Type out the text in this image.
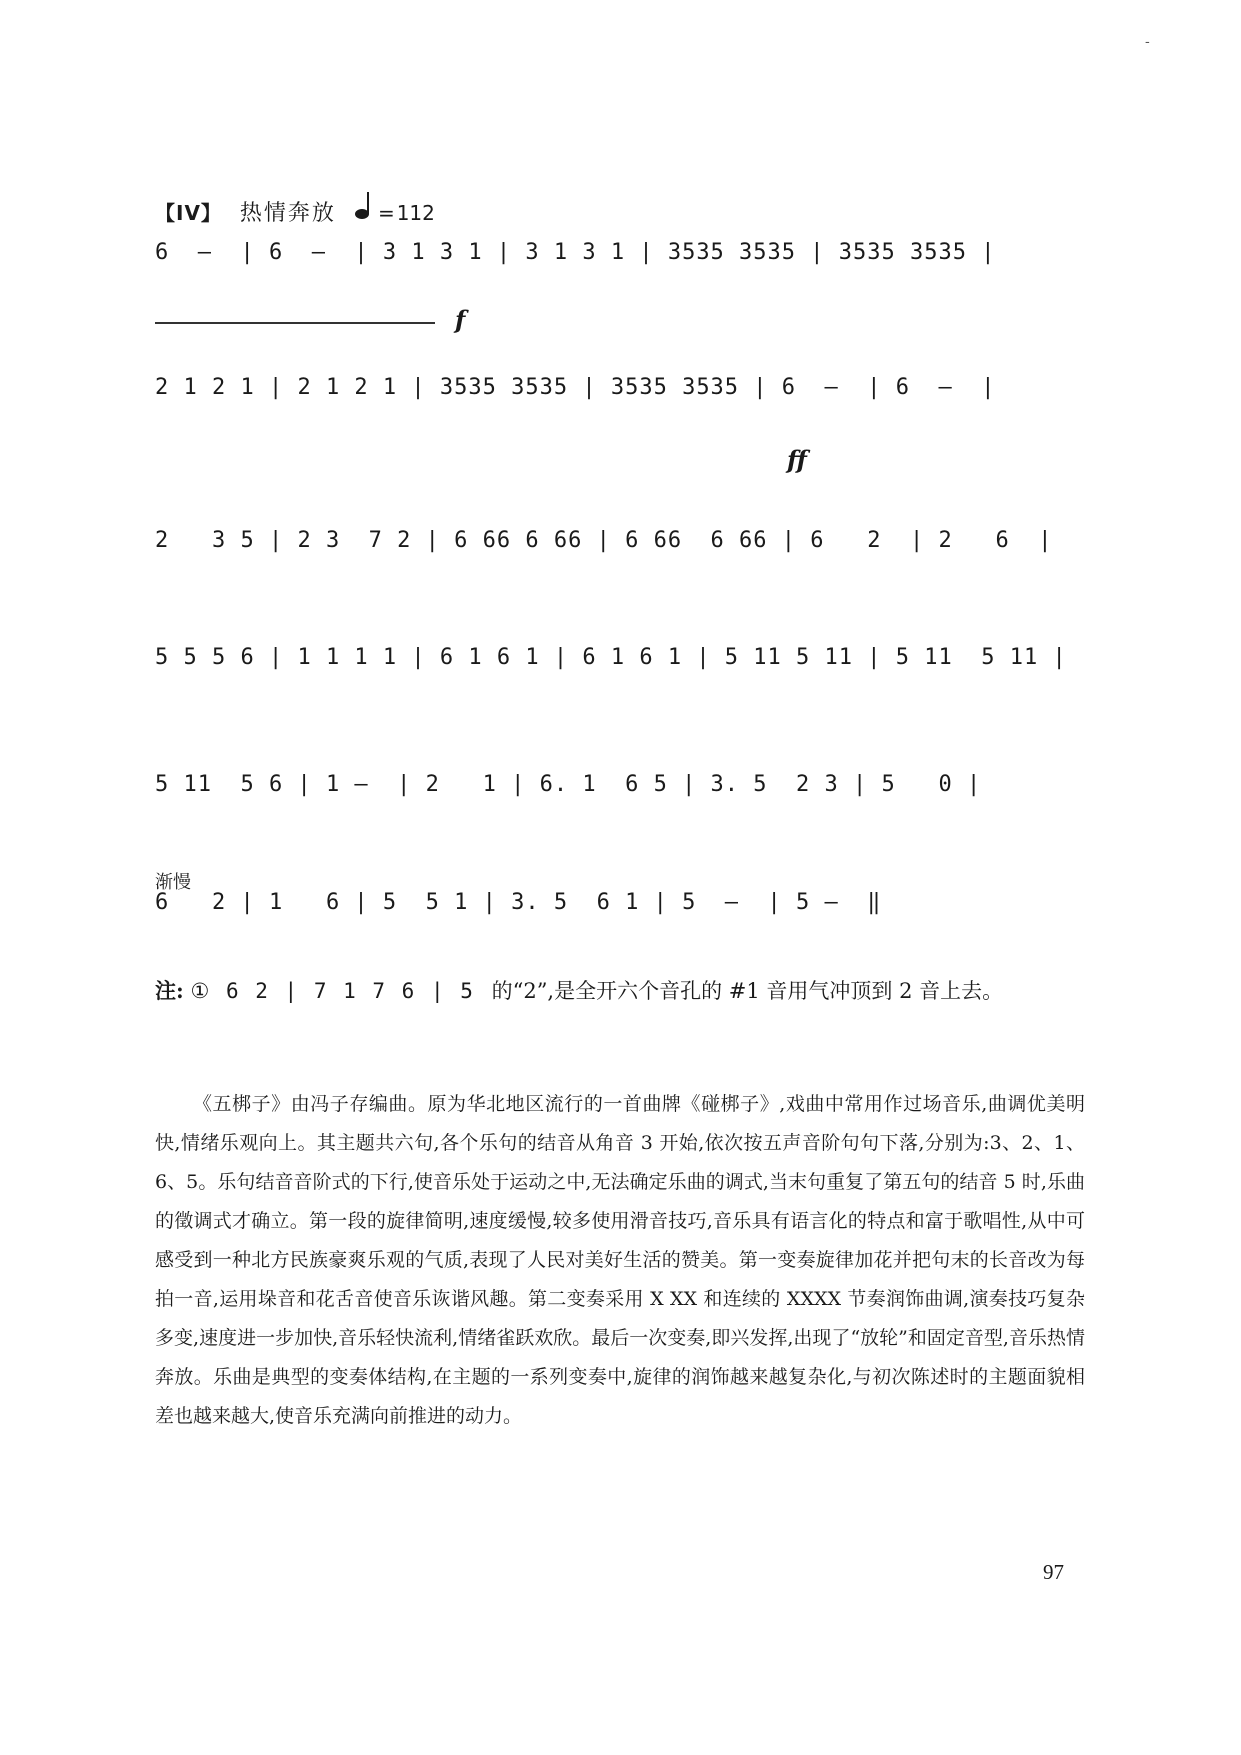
-
【IV】 热情奔放 = 112
6  –  | 6  –  | 3 1 3 1 | 3 1 3 1 | 3535 3535 | 3535 3535 |
f
2 1 2 1 | 2 1 2 1 | 3535 3535 | 3535 3535 | 6  –  | 6  –  |
ff
2   3 5 | 2 3  7 2 | 6 66 6 66 | 6 66  6 66 | 6   2  | 2   6  |
5 5 5 6 | 1 1 1 1 | 6 1 6 1 | 6 1 6 1 | 5 11 5 11 | 5 11  5 11 |
5 11  5 6 | 1 –  | 2   1 | 6. 1  6 5 | 3. 5  2 3 | 5   0 |
渐慢
6   2 | 1   6 | 5  5 1 | 3. 5  6 1 | 5  –  | 5 –  ‖
注: ① 6 2 | 7 1 7 6 | 5 的“2”,是全开六个音孔的 #1 音用气冲顶到 2 音上去。
《五梆子》由冯子存编曲。原为华北地区流行的一首曲牌《碰梆子》,戏曲中常用作过场音乐,曲调优美明快,情绪乐观向上。其主题共六句,各个乐句的结音从角音 3 开始,依次按五声音阶句句下落,分别为:3、2、1、6、5。乐句结音音阶式的下行,使音乐处于运动之中,无法确定乐曲的调式,当末句重复了第五句的结音 5 时,乐曲的徵调式才确立。第一段的旋律简明,速度缓慢,较多使用滑音技巧,音乐具有语言化的特点和富于歌唱性,从中可感受到一种北方民族豪爽乐观的气质,表现了人民对美好生活的赞美。第一变奏旋律加花并把句末的长音改为每拍一音,运用垛音和花舌音使音乐诙谐风趣。第二变奏采用 X XX 和连续的 XXXX 节奏润饰曲调,演奏技巧复杂多变,速度进一步加快,音乐轻快流利,情绪雀跃欢欣。最后一次变奏,即兴发挥,出现了“放轮”和固定音型,音乐热情奔放。乐曲是典型的变奏体结构,在主题的一系列变奏中,旋律的润饰越来越复杂化,与初次陈述时的主题面貌相差也越来越大,使音乐充满向前推进的动力。
97
